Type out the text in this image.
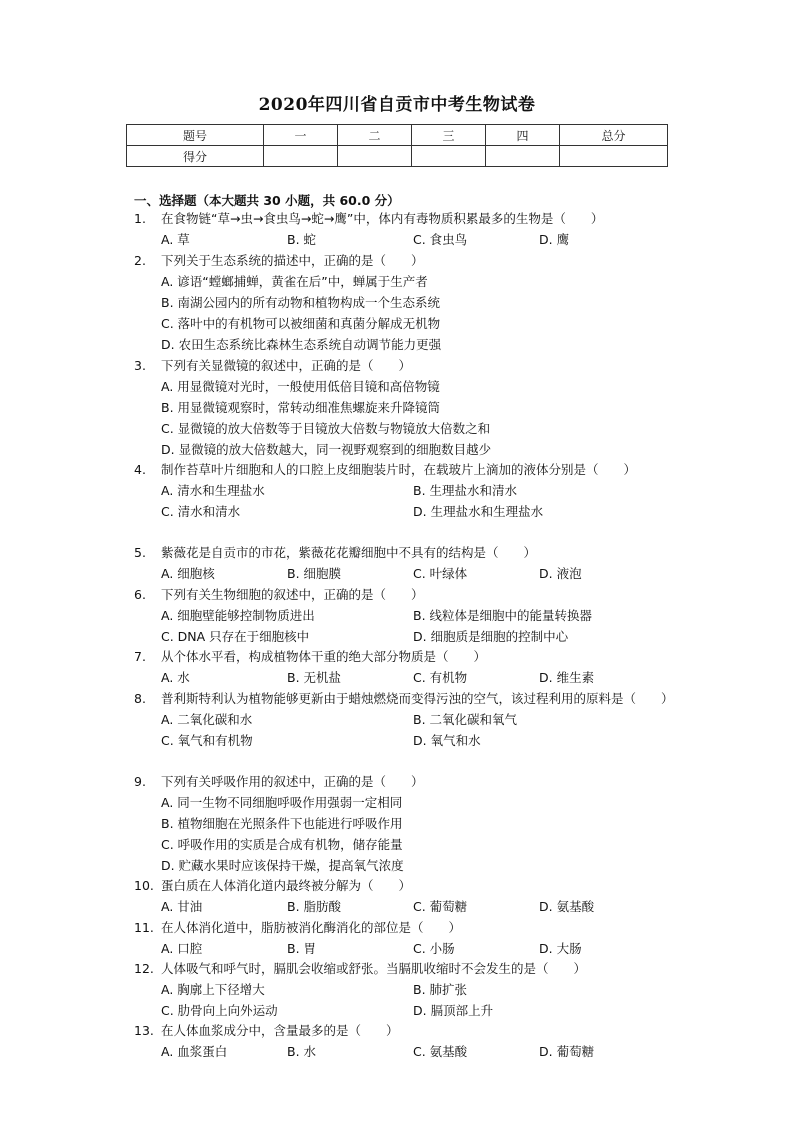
2020年四川省自贡市中考生物试卷
题号	一	二	三	四	总分
得分					
一、选择题（本大题共 30 小题，共 60.0 分）
1.	在食物链“草→虫→食虫鸟→蛇→鹰”中，体内有毒物质积累最多的生物是（　　）
A. 草	B. 蛇	C. 食虫鸟	D. 鹰
2.	下列关于生态系统的描述中，正确的是（　　）
A. 谚语“螳螂捕蝉，黄雀在后”中，蝉属于生产者
B. 南湖公园内的所有动物和植物构成一个生态系统
C. 落叶中的有机物可以被细菌和真菌分解成无机物
D. 农田生态系统比森林生态系统自动调节能力更强
3.	下列有关显微镜的叙述中，正确的是（　　）
A. 用显微镜对光时，一般使用低倍目镜和高倍物镜
B. 用显微镜观察时，常转动细准焦螺旋来升降镜筒
C. 显微镜的放大倍数等于目镜放大倍数与物镜放大倍数之和
D. 显微镜的放大倍数越大，同一视野观察到的细胞数目越少
4.	制作苔草叶片细胞和人的口腔上皮细胞装片时，在载玻片上滴加的液体分别是（　　）
A. 清水和生理盐水	B. 生理盐水和清水
C. 清水和清水	D. 生理盐水和生理盐水
5.	紫薇花是自贡市的市花，紫薇花花瓣细胞中不具有的结构是（　　）
A. 细胞核	B. 细胞膜	C. 叶绿体	D. 液泡
6.	下列有关生物细胞的叙述中，正确的是（　　）
A. 细胞壁能够控制物质进出	B. 线粒体是细胞中的能量转换器
C. DNA 只存在于细胞核中	D. 细胞质是细胞的控制中心
7.	从个体水平看，构成植物体干重的绝大部分物质是（　　）
A. 水	B. 无机盐	C. 有机物	D. 维生素
8.	普利斯特利认为植物能够更新由于蜡烛燃烧而变得污浊的空气，该过程利用的原料是（　　）
A. 二氧化碳和水	B. 二氧化碳和氧气
C. 氧气和有机物	D. 氧气和水
9.	下列有关呼吸作用的叙述中，正确的是（　　）
A. 同一生物不同细胞呼吸作用强弱一定相同
B. 植物细胞在光照条件下也能进行呼吸作用
C. 呼吸作用的实质是合成有机物，储存能量
D. 贮藏水果时应该保持干燥，提高氧气浓度
10. 蛋白质在人体消化道内最终被分解为（　　）
A. 甘油	B. 脂肪酸	C. 葡萄糖	D. 氨基酸
11. 在人体消化道中，脂肪被消化酶消化的部位是（　　）
A. 口腔	B. 胃	C. 小肠	D. 大肠
12. 人体吸气和呼气时，膈肌会收缩或舒张。当膈肌收缩时不会发生的是（　　）
A. 胸廓上下径增大	B. 肺扩张
C. 肋骨向上向外运动	D. 膈顶部上升
13. 在人体血浆成分中，含量最多的是（　　）
A. 血浆蛋白	B. 水	C. 氨基酸	D. 葡萄糖
